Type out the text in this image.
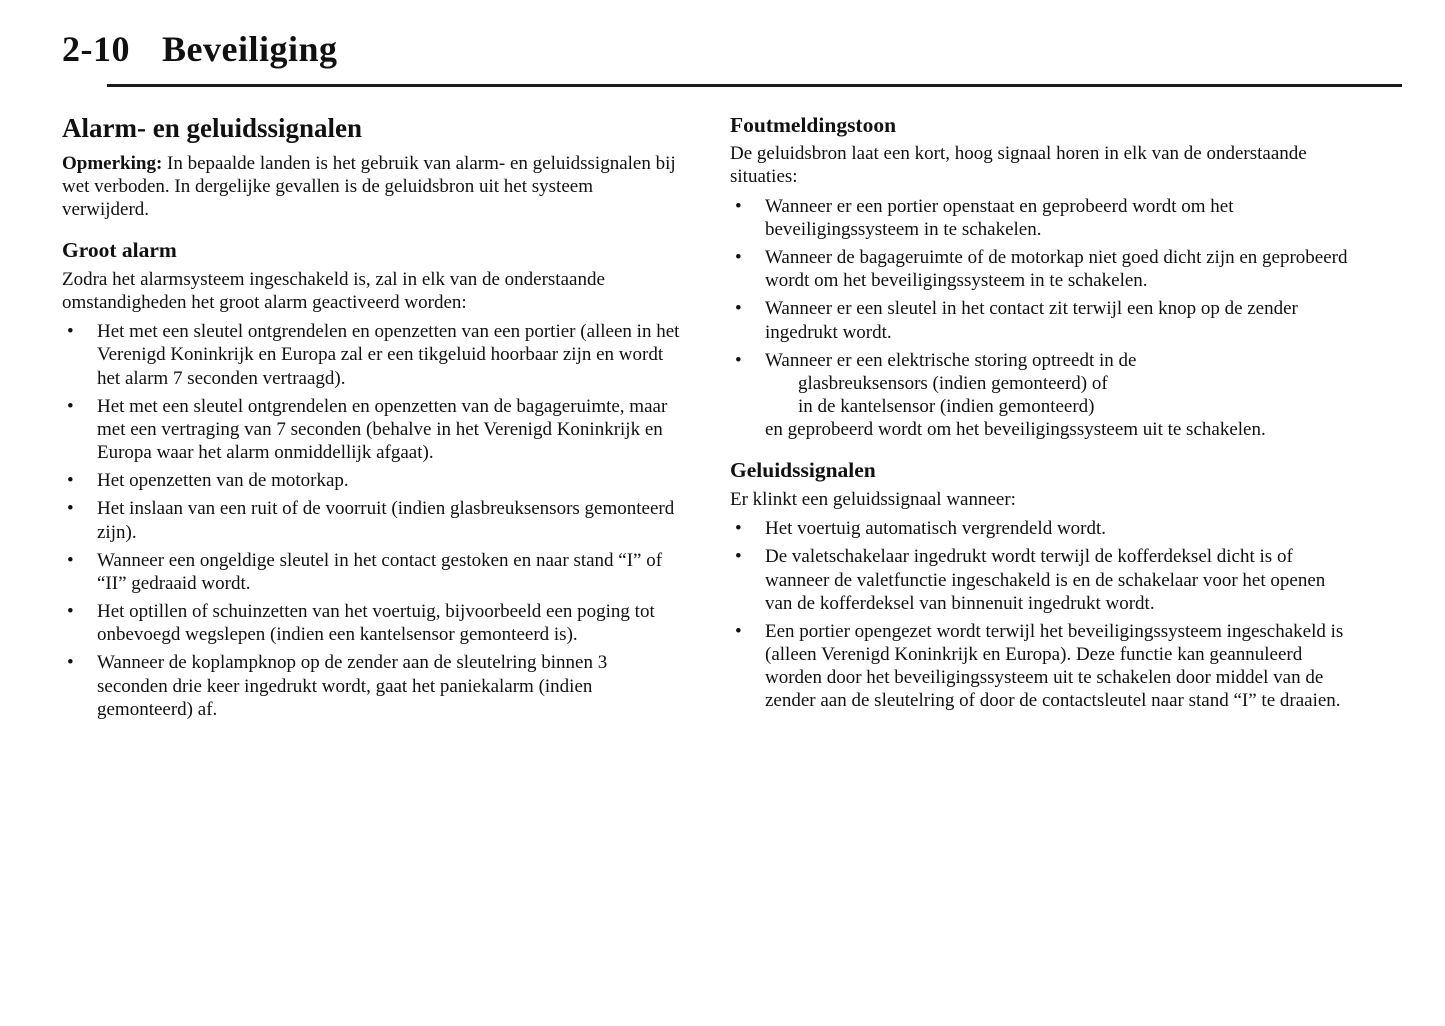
2-10 Beveiliging
Alarm- en geluidssignalen

Opmerking: In bepaalde landen is het gebruik van alarm- en geluidssignalen bij wet verboden. In dergelijke gevallen is de geluidsbron uit het systeem verwijderd.

Groot alarm

Zodra het alarmsysteem ingeschakeld is, zal in elk van de onderstaande omstandigheden het groot alarm geactiveerd worden:

• Het met een sleutel ontgrendelen en openzetten van een portier (alleen in het Verenigd Koninkrijk en Europa zal er een tikgeluid hoorbaar zijn en wordt het alarm 7 seconden vertraagd).
• Het met een sleutel ontgrendelen en openzetten van de bagageruimte, maar met een vertraging van 7 seconden (behalve in het Verenigd Koninkrijk en Europa waar het alarm onmiddellijk afgaat).
• Het openzetten van de motorkap.
• Het inslaan van een ruit of de voorruit (indien glasbreuksensors gemonteerd zijn).
• Wanneer een ongeldige sleutel in het contact gestoken en naar stand “I” of “II” gedraaid wordt.
• Het optillen of schuinzetten van het voertuig, bijvoorbeeld een poging tot onbevoegd wegslepen (indien een kantelsensor gemonteerd is).
• Wanneer de koplampknop op de zender aan de sleutelring binnen 3 seconden drie keer ingedrukt wordt, gaat het paniekalarm (indien gemonteerd) af.
Foutmeldingstoon

De geluidsbron laat een kort, hoog signaal horen in elk van de onderstaande situaties:

• Wanneer er een portier openstaat en geprobeerd wordt om het beveiligingssysteem in te schakelen.
• Wanneer de bagageruimte of de motorkap niet goed dicht zijn en geprobeerd wordt om het beveiligingssysteem in te schakelen.
• Wanneer er een sleutel in het contact zit terwijl een knop op de zender ingedrukt wordt.
• Wanneer er een elektrische storing optreedt in de
glasbreuksensors (indien gemonteerd) of
in de kantelsensor (indien gemonteerd)
en geprobeerd wordt om het beveiligingssysteem uit te schakelen.
Geluidssignalen

Er klinkt een geluidssignaal wanneer:

• Het voertuig automatisch vergrendeld wordt.
• De valetschakelaar ingedrukt wordt terwijl de kofferdeksel dicht is of wanneer de valetfunctie ingeschakeld is en de schakelaar voor het openen van de kofferdeksel van binnenuit ingedrukt wordt.
• Een portier opengezet wordt terwijl het beveiligingssysteem ingeschakeld is (alleen Verenigd Koninkrijk en Europa). Deze functie kan geannuleerd worden door het beveiligingssysteem uit te schakelen door middel van de zender aan de sleutelring of door de contactsleutel naar stand “I” te draaien.
